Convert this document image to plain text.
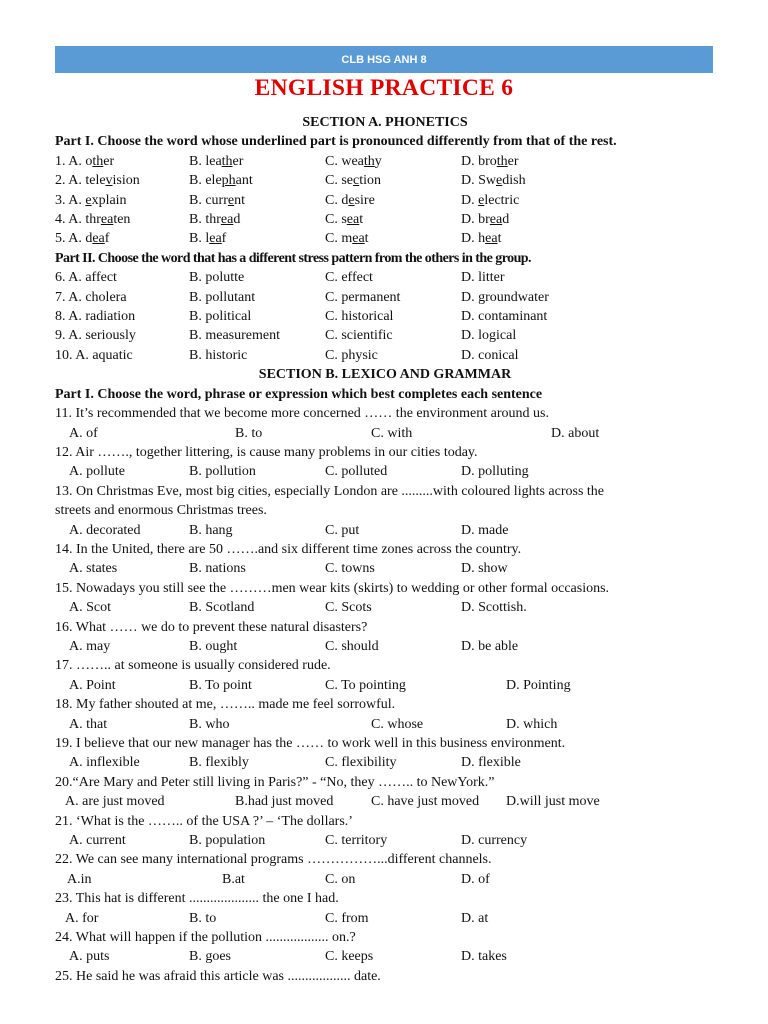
CLB HSG ANH 8
ENGLISH PRACTICE 6
SECTION A. PHONETICS
Part I. Choose the word whose underlined part is pronounced differently from that of the rest.
1. A. other	B. leather	C. weathy	D. brother
2. A. television	B. elephant	C. section	D. Swedish
3. A. explain	B. current	C. desire	D. electric
4. A. threaten	B. thread	C. seat	D. bread
5. A. deaf	B. leaf	C. meat	D. heat
Part II. Choose the word that has a different stress pattern from the others in the group.
6. A. affect	B. polutte	C. effect	D. litter
7. A. cholera	B. pollutant	C. permanent	D. groundwater
8. A. radiation	B. political	C. historical	D. contaminant
9. A. seriously	B. measurement	C. scientific	D. logical
10. A. aquatic	B. historic	C. physic	D. conical
SECTION B. LEXICO AND GRAMMAR
Part I. Choose the word, phrase or expression which best completes each sentence
11. It’s recommended that we become more concerned …… the environment around us.
A. of	B. to	C. with	D. about
12. Air ……., together littering, is cause many problems in our cities today.
A. pollute	B. pollution	C. polluted	D. polluting
13. On Christmas Eve, most big cities, especially London are .........with coloured lights across the
streets and enormous Christmas trees.
A. decorated	B. hang	C. put	D. made
14. In the United, there are 50 …….and six different time zones across the country.
A. states	B. nations	C. towns	D. show
15. Nowadays you still see the ………men wear kits (skirts) to wedding or other formal occasions.
A. Scot	B. Scotland	C. Scots	D. Scottish.
16. What …… we do to prevent these natural disasters?
A. may	B. ought	C. should	D. be able
17. …….. at someone is usually considered rude.
A. Point	B. To point	C. To pointing	D. Pointing
18. My father shouted at me, …….. made me feel sorrowful.
A. that	B. who	C. whose	D. which
19. I believe that our new manager has the …… to work well in this business environment.
A. inflexible	B. flexibly	C. flexibility	D. flexible
20.“Are Mary and Peter still living in Paris?” - “No, they …….. to NewYork.”
A. are just moved	B.had just moved	C. have just moved D.will just move
21. ‘What is the …….. of the USA ?’ – ‘The dollars.’
A. current	B. population	C. territory	D. currency
22. We can see many international programs ……………...different channels.
A.in	B.at	C. on	D. of
23. This hat is different .................... the one I had.
A. for	B. to	C. from	D. at
24. What will happen if the pollution .................. on.?
A. puts	B. goes	C. keeps	D. takes
25. He said he was afraid this article was .................. date.
